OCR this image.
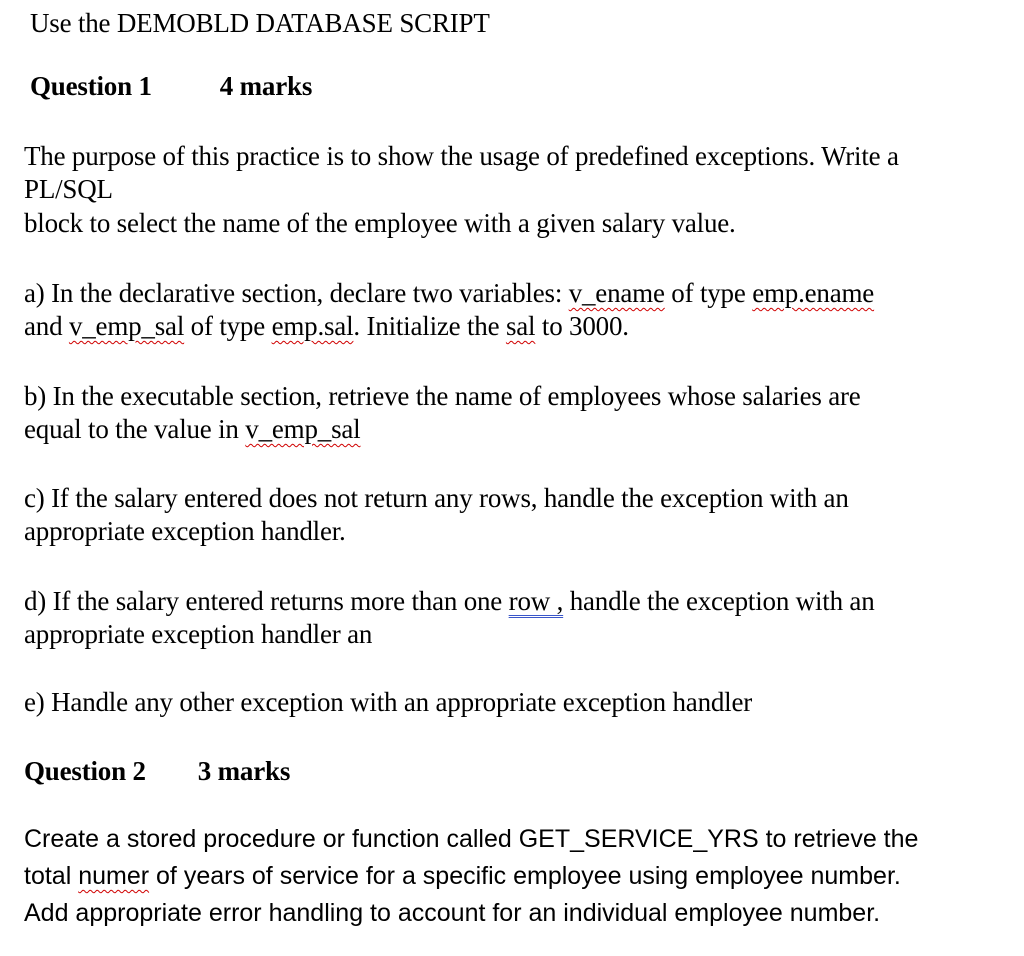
Use the DEMOBLD DATABASE SCRIPT
Question 1	4 marks
The purpose of this practice is to show the usage of predefined exceptions. Write a
PL/SQL
block to select the name of the employee with a given salary value.
a) In the declarative section, declare two variables: v_ename of type emp.ename
and v_emp_sal of type emp.sal. Initialize the sal to 3000.
b) In the executable section, retrieve the name of employees whose salaries are
equal to the value in v_emp_sal
c) If the salary entered does not return any rows, handle the exception with an
appropriate exception handler.
d) If the salary entered returns more than one row , handle the exception with an
appropriate exception handler an
e) Handle any other exception with an appropriate exception handler
Question 2 3 marks
Create a stored procedure or function called GET_SERVICE_YRS to retrieve the
total numer of years of service for a specific employee using employee number.
Add appropriate error handling to account for an individual employee number.
